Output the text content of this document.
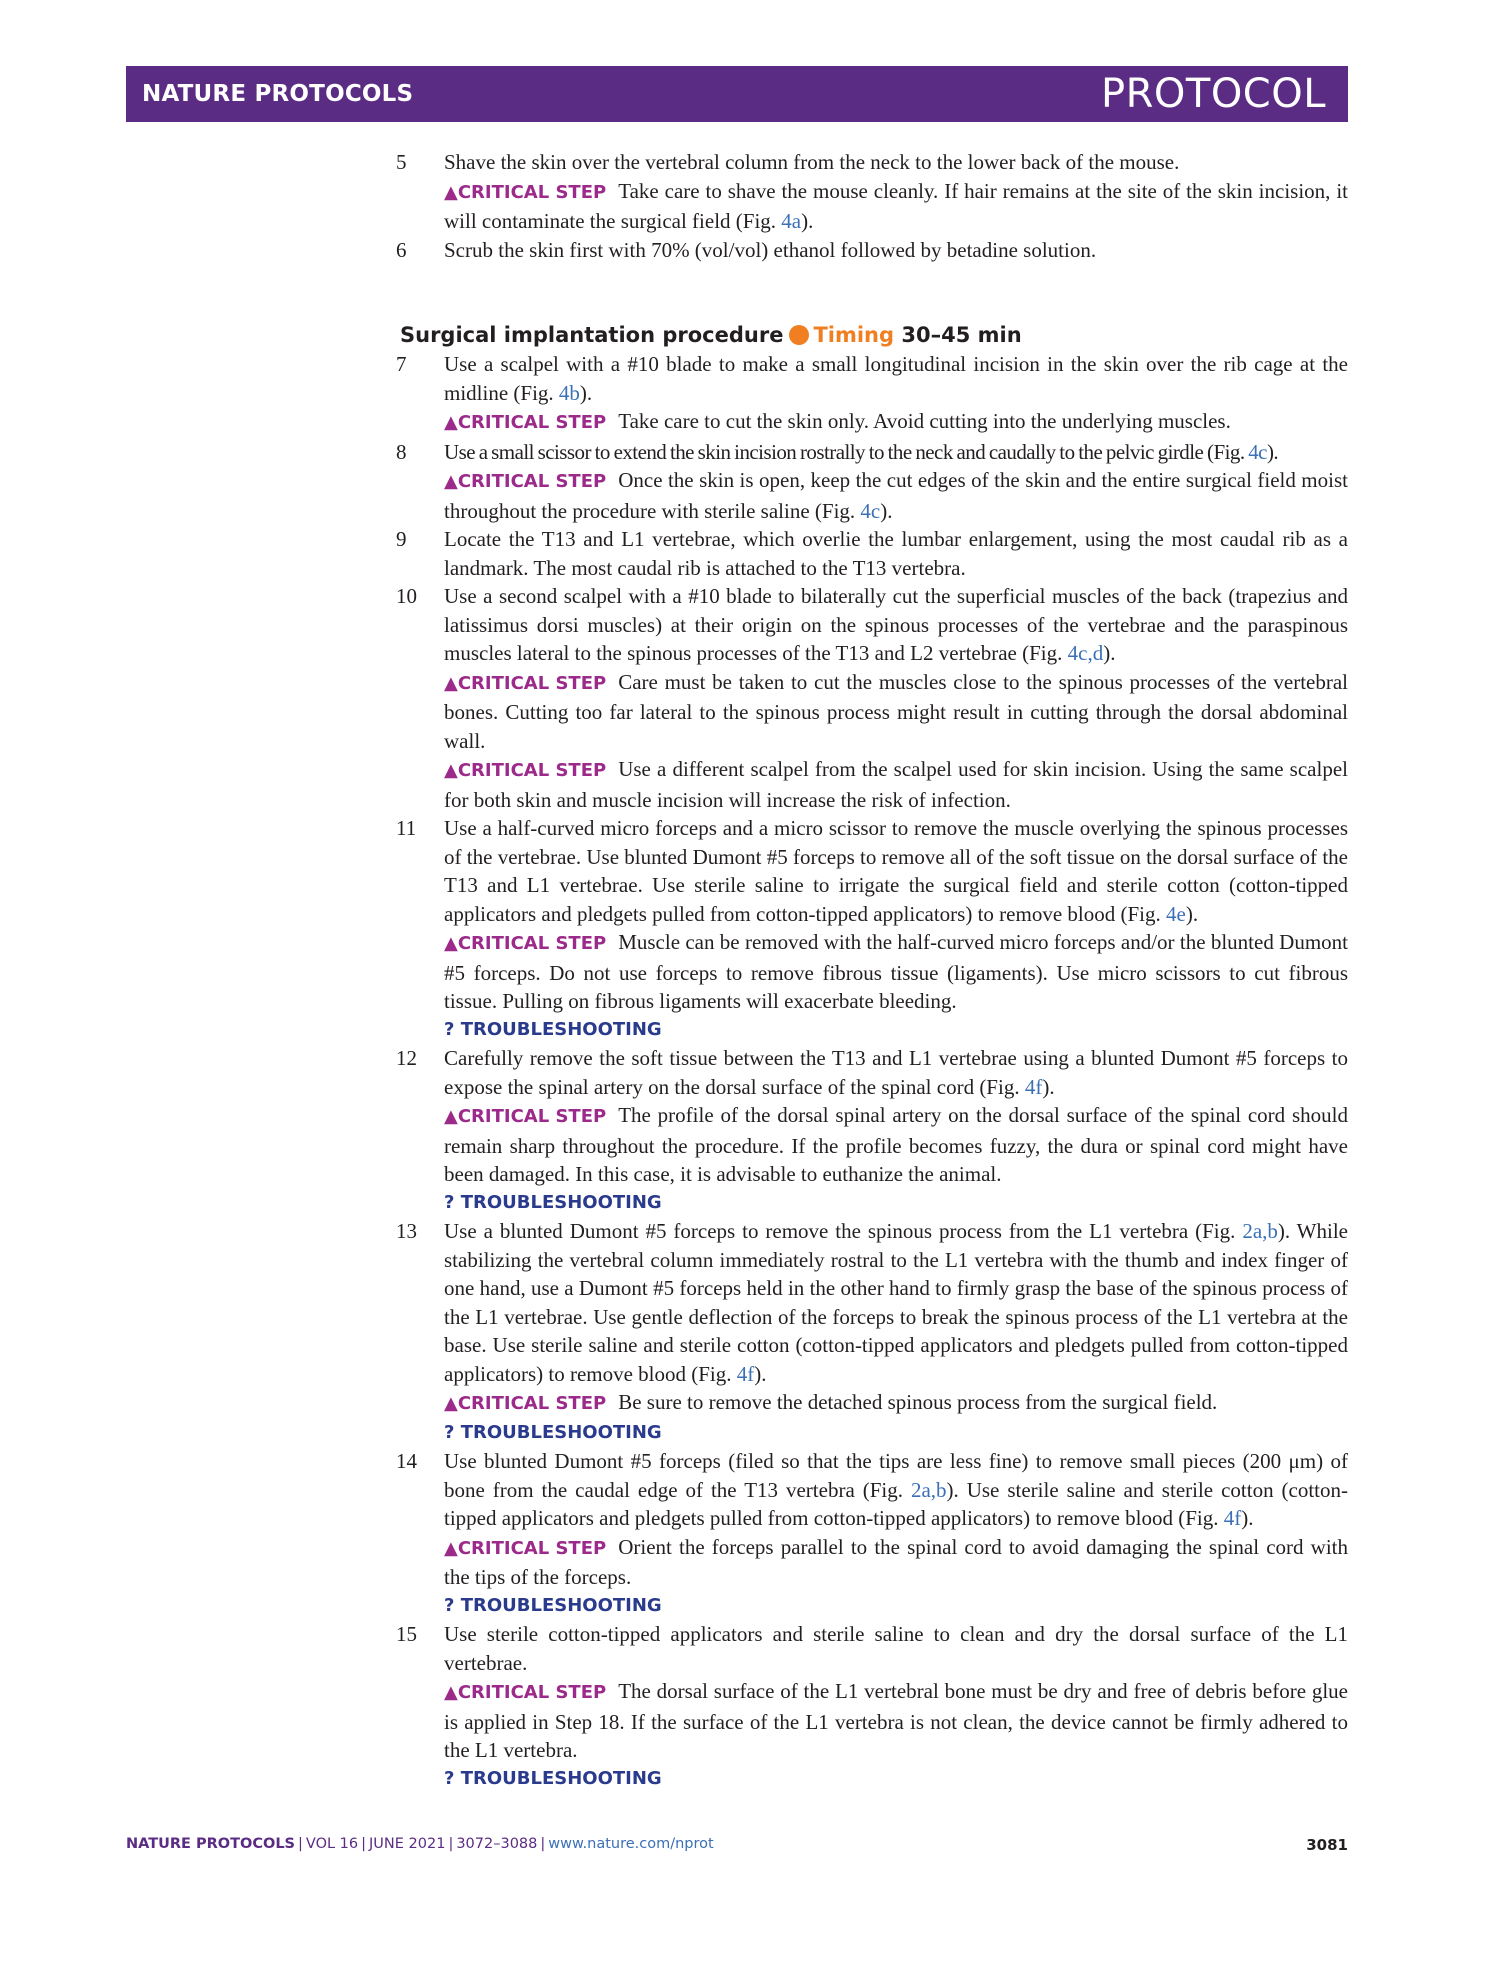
NATURE PROTOCOLS	PROTOCOL
5	Shave the skin over the vertebral column from the neck to the lower back of the mouse.

▲CRITICAL STEP Take care to shave the mouse cleanly. If hair remains at the site of the skin incision, it will contaminate the surgical field (Fig. 4a).

6	Scrub the skin first with 70% (vol/vol) ethanol followed by betadine solution.

Surgical implantation procedure Timing 30–45 min
7	Use a scalpel with a #10 blade to make a small longitudinal incision in the skin over the rib cage at the midline (Fig. 4b).

▲CRITICAL STEP Take care to cut the skin only. Avoid cutting into the underlying muscles.

8	Use a small scissor to extend the skin incision rostrally to the neck and caudally to the pelvic girdle (Fig. 4c).

▲CRITICAL STEP Once the skin is open, keep the cut edges of the skin and the entire surgical field moist throughout the procedure with sterile saline (Fig. 4c).

9	Locate the T13 and L1 vertebrae, which overlie the lumbar enlargement, using the most caudal rib as a landmark. The most caudal rib is attached to the T13 vertebra.

10	Use a second scalpel with a #10 blade to bilaterally cut the superficial muscles of the back (trapezius and latissimus dorsi muscles) at their origin on the spinous processes of the vertebrae and the paraspinous muscles lateral to the spinous processes of the T13 and L2 vertebrae (Fig. 4c,d).

▲CRITICAL STEP Care must be taken to cut the muscles close to the spinous processes of the vertebral bones. Cutting too far lateral to the spinous process might result in cutting through the dorsal abdominal wall.

▲CRITICAL STEP Use a different scalpel from the scalpel used for skin incision. Using the same scalpel for both skin and muscle incision will increase the risk of infection.

11	Use a half-curved micro forceps and a micro scissor to remove the muscle overlying the spinous processes of the vertebrae. Use blunted Dumont #5 forceps to remove all of the soft tissue on the dorsal surface of the T13 and L1 vertebrae. Use sterile saline to irrigate the surgical field and sterile cotton (cotton-tipped applicators and pledgets pulled from cotton-tipped applicators) to remove blood (Fig. 4e).

▲CRITICAL STEP Muscle can be removed with the half-curved micro forceps and/or the blunted Dumont #5 forceps. Do not use forceps to remove fibrous tissue (ligaments). Use micro scissors to cut fibrous tissue. Pulling on fibrous ligaments will exacerbate bleeding.

? TROUBLESHOOTING
12	Carefully remove the soft tissue between the T13 and L1 vertebrae using a blunted Dumont #5 forceps to expose the spinal artery on the dorsal surface of the spinal cord (Fig. 4f).

▲CRITICAL STEP The profile of the dorsal spinal artery on the dorsal surface of the spinal cord should remain sharp throughout the procedure. If the profile becomes fuzzy, the dura or spinal cord might have been damaged. In this case, it is advisable to euthanize the animal.

? TROUBLESHOOTING
13	Use a blunted Dumont #5 forceps to remove the spinous process from the L1 vertebra (Fig. 2a,b). While stabilizing the vertebral column immediately rostral to the L1 vertebra with the thumb and index finger of one hand, use a Dumont #5 forceps held in the other hand to firmly grasp the base of the spinous process of the L1 vertebrae. Use gentle deflection of the forceps to break the spinous process of the L1 vertebra at the base. Use sterile saline and sterile cotton (cotton-tipped applicators and pledgets pulled from cotton-tipped applicators) to remove blood (Fig. 4f).

▲CRITICAL STEP Be sure to remove the detached spinous process from the surgical field.

? TROUBLESHOOTING
14	Use blunted Dumont #5 forceps (filed so that the tips are less fine) to remove small pieces (200 μm) of bone from the caudal edge of the T13 vertebra (Fig. 2a,b). Use sterile saline and sterile cotton (cotton-tipped applicators and pledgets pulled from cotton-tipped applicators) to remove blood (Fig. 4f).

▲CRITICAL STEP Orient the forceps parallel to the spinal cord to avoid damaging the spinal cord with the tips of the forceps.

? TROUBLESHOOTING
15	Use sterile cotton-tipped applicators and sterile saline to clean and dry the dorsal surface of the L1 vertebrae.

▲CRITICAL STEP The dorsal surface of the L1 vertebral bone must be dry and free of debris before glue is applied in Step 18. If the surface of the L1 vertebra is not clean, the device cannot be firmly adhered to the L1 vertebra.

? TROUBLESHOOTING
NATURE PROTOCOLS | VOL 16 | JUNE 2021 | 3072–3088 | www.nature.com/nprot	3081
